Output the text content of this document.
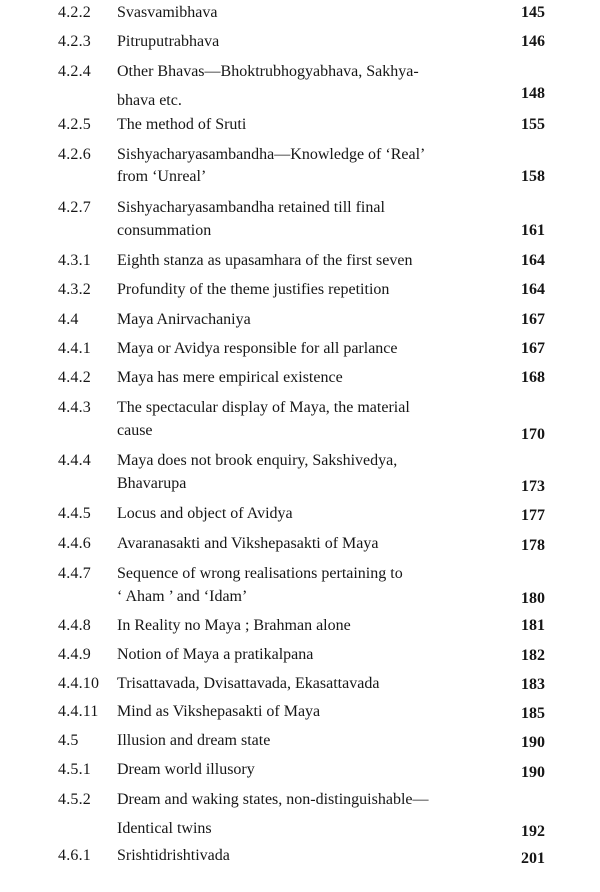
4.2.2 Svasvamibhava	145
4.2.3 Pitruputrabhava	146
4.2.4 Other Bhavas—Bhoktrubhogyabhava, Sakhya-
bhava etc.	148
4.2.5 The method of Sruti	155
4.2.6 Sishyacharyasambandha—Knowledge of ‘Real’
from ‘Unreal’	158
4.2.7 Sishyacharyasambandha retained till final
consummation	161
4.3.1 Eighth stanza as upasamhara of the first seven	164
4.3.2 Profundity of the theme justifies repetition	164
4.4 Maya Anirvachaniya	167
4.4.1 Maya or Avidya responsible for all parlance	167
4.4.2 Maya has mere empirical existence	168
4.4.3 The spectacular display of Maya, the material
cause	170
4.4.4 Maya does not brook enquiry, Sakshivedya,
Bhavarupa	173
4.4.5 Locus and object of Avidya	177
4.4.6 Avaranasakti and Vikshepasakti of Maya	178
4.4.7 Sequence of wrong realisations pertaining to
‘ Aham ’ and ‘Idam’	180
4.4.8 In Reality no Maya ; Brahman alone	181
4.4.9 Notion of Maya a pratikalpana	182
4.4.10 Trisattavada, Dvisattavada, Ekasattavada	183
4.4.11 Mind as Vikshepasakti of Maya	185
4.5 Illusion and dream state	190
4.5.1 Dream world illusory	190
4.5.2 Dream and waking states, non-distinguishable—
Identical twins	192
4.6.1 Srishtidrishtivada	201
